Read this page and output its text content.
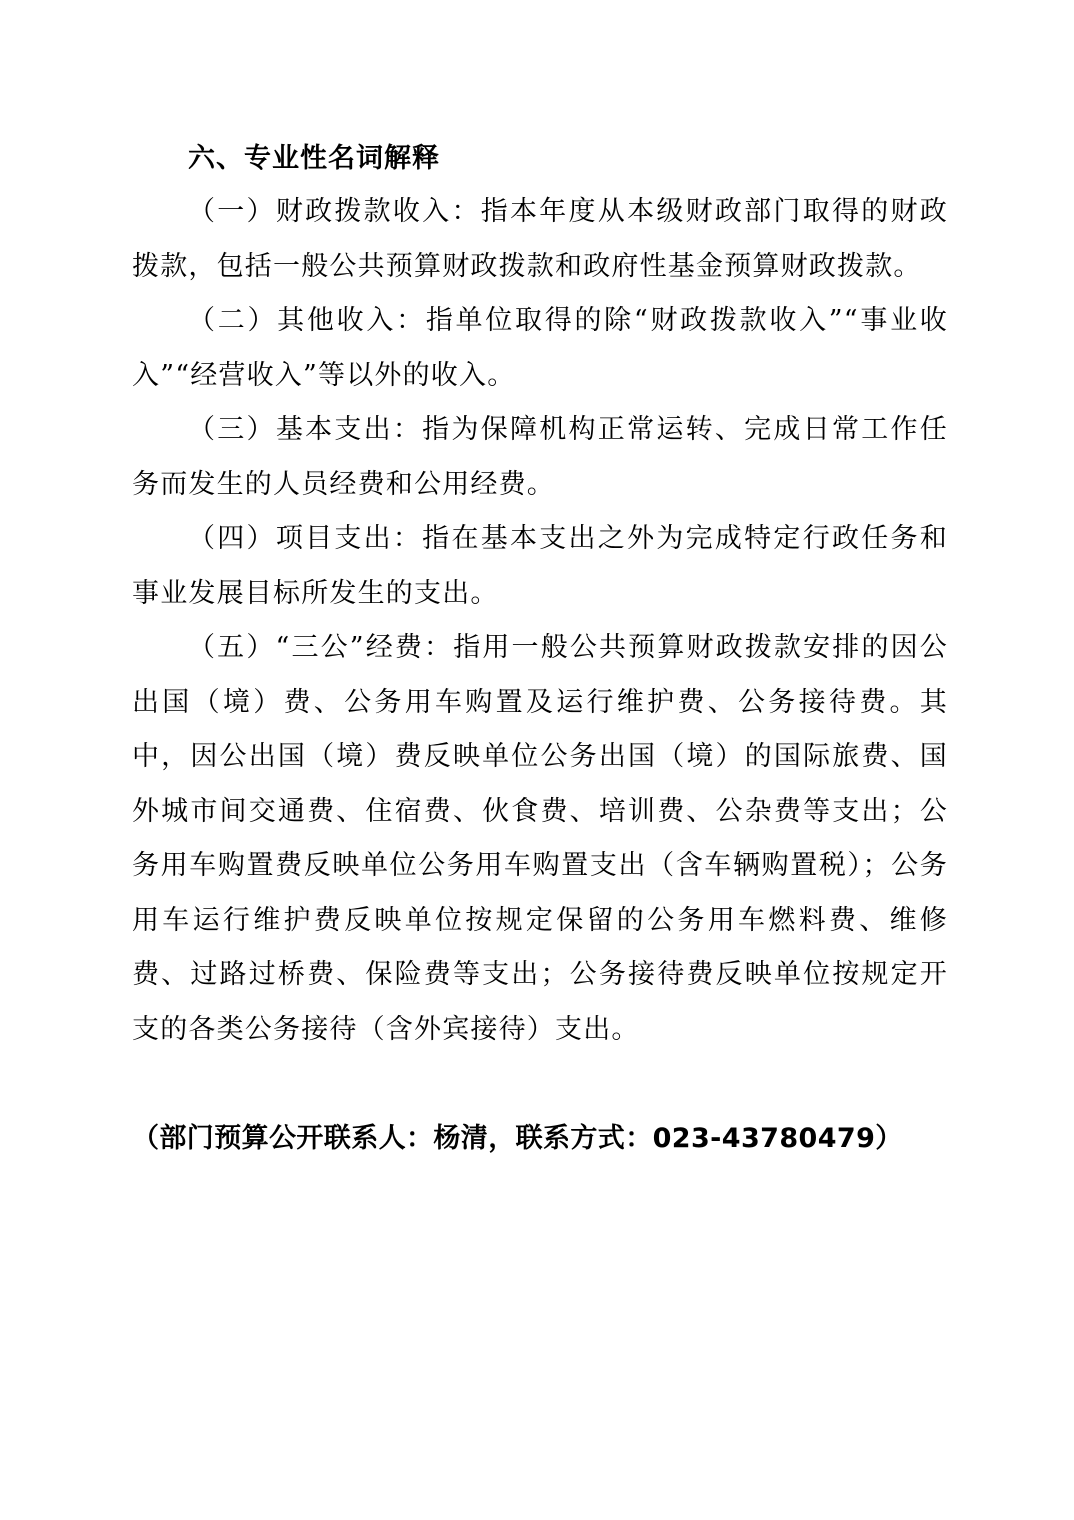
六、专业性名词解释

（一）财政拨款收入：指本年度从本级财政部门取得的财政拨款，包括一般公共预算财政拨款和政府性基金预算财政拨款。

（二）其他收入：指单位取得的除“财政拨款收入”“事业收入”“经营收入”等以外的收入。

（三）基本支出：指为保障机构正常运转、完成日常工作任务而发生的人员经费和公用经费。

（四）项目支出：指在基本支出之外为完成特定行政任务和事业发展目标所发生的支出。

（五）“三公”经费：指用一般公共预算财政拨款安排的因公出国（境）费、公务用车购置及运行维护费、公务接待费。其中，因公出国（境）费反映单位公务出国（境）的国际旅费、国外城市间交通费、住宿费、伙食费、培训费、公杂费等支出；公务用车购置费反映单位公务用车购置支出（含车辆购置税）；公务用车运行维护费反映单位按规定保留的公务用车燃料费、维修费、过路过桥费、保险费等支出；公务接待费反映单位按规定开支的各类公务接待（含外宾接待）支出。

（部门预算公开联系人：杨清，联系方式：023-43780479）
